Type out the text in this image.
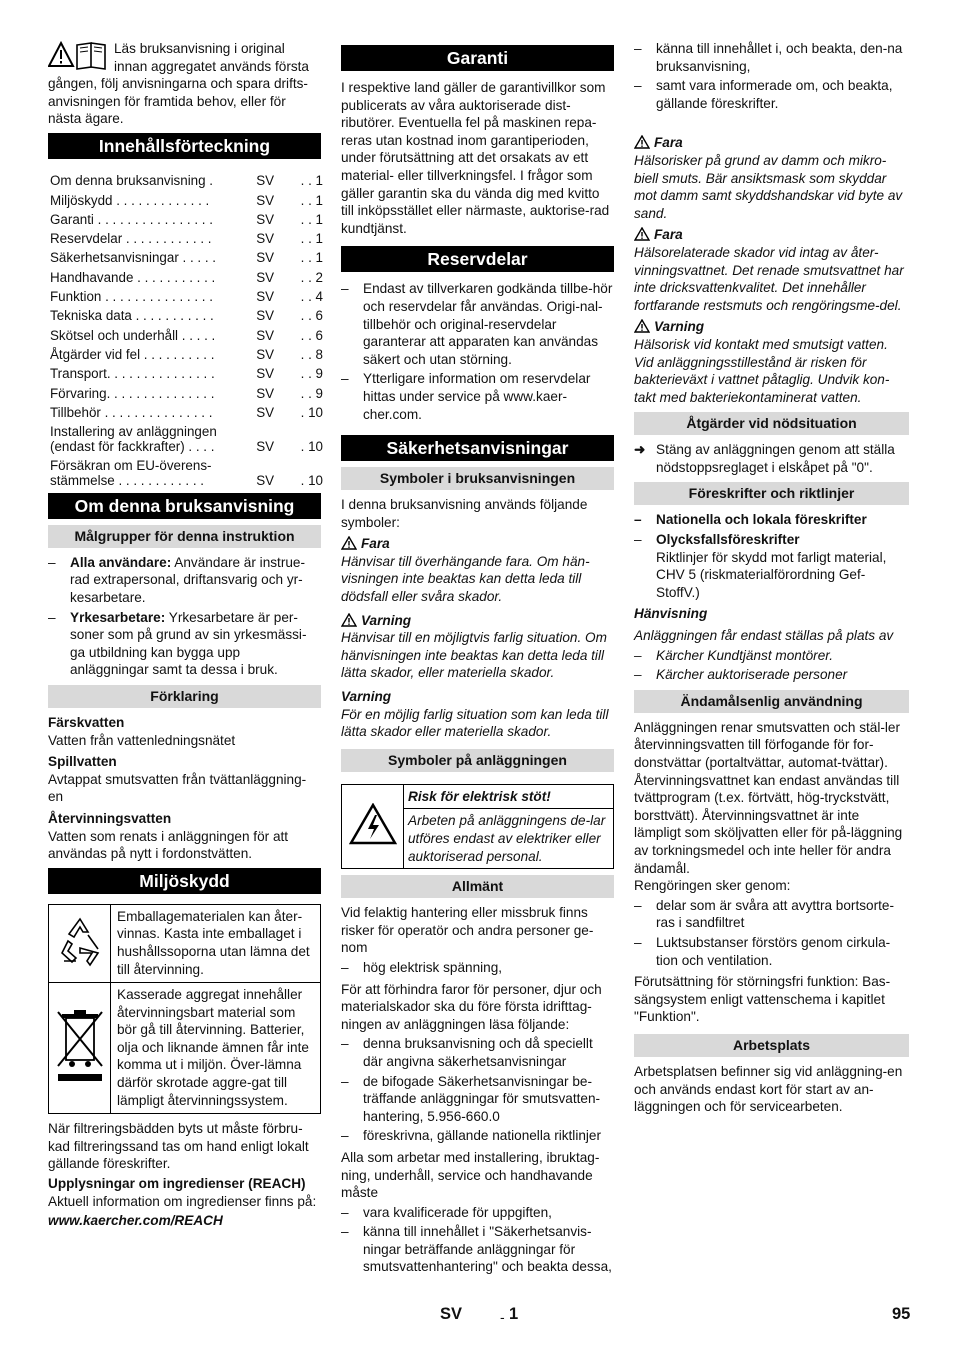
Läs bruksanvisning i original

innan aggregatet används första

gången, följ anvisningarna och spara drifts-anvisningen för framtida behov, eller för nästa ägare.

Innehållsförteckning
Om denna bruksanvisning .	SV	. . 1
Miljöskydd . . . . . . . . . . . . .	SV	. . 1
Garanti . . . . . . . . . . . . . . . .	SV	. . 1
Reservdelar . . . . . . . . . . . .	SV	. . 1
Säkerhetsanvisningar . . . . .	SV	. . 1
Handhavande . . . . . . . . . . .	SV	. . 2
Funktion . . . . . . . . . . . . . . .	SV	. . 4
Tekniska data . . . . . . . . . . .	SV	. . 6
Skötsel och underhåll . . . . .	SV	. . 6
Åtgärder vid fel . . . . . . . . . .	SV	. . 8
Transport. . . . . . . . . . . . . . .	SV	. . 9
Förvaring. . . . . . . . . . . . . . .	SV	. . 9
Tillbehör . . . . . . . . . . . . . . .	SV	. 10
Installering av anläggningen
(endast för fackkrafter) . . . .	SV	. 10
Försäkran om EU-överens-
stämmelse . . . . . . . . . . . .	SV	. 10
Om denna bruksanvisning
Målgrupper för denna instruktion
– Alla användare: Användare är instrue-rad extrapersonal, driftansvarig och yr-kesarbetare.
– Yrkesarbetare: Yrkesarbetare är per-soner som på grund av sin yrkesmässi-ga utbildning kan bygga upp anläggningar samt ta dessa i bruk.
Förklaring

Färskvatten

Vatten från vattenledningsnätet

Spillvatten

Avtappat smutsvatten från tvättanläggning-en

Återvinningsvatten

Vatten som renats i anläggningen för att användas på nytt i fordonstvätten.

Miljöskydd
	Emballagematerialen kan åter-vinnas. Kasta inte emballaget i hushållssoporna utan lämna det till återvinning.
	Kasserade aggregat innehåller återvinningsbart material som bör gå till återvinning. Batterier, olja och liknande ämnen får inte komma ut i miljön. Över-lämna därför skrotade aggre-gat till lämpligt återvinningssystem.

När filtreringsbädden byts ut måste förbru-kad filtreringssand tas om hand enligt lokalt gällande föreskrifter.

Upplysningar om ingredienser (REACH)

Aktuell information om ingredienser finns på:

www.kaercher.com/REACH

Garanti

I respektive land gäller de garantivillkor som publicerats av våra auktoriserade dist-ributörer. Eventuella fel på maskinen repa-reras utan kostnad inom garantiperioden, under förutsättning att det orsakats av ett material- eller tillverkningsfel. I frågor som gäller garantin ska du vända dig med kvitto till inköpsstället eller närmaste, auktorise-rad kundtjänst.

Reservdelar
– Endast av tillverkaren godkända tillbe-hör och reservdelar får användas. Origi-nal-tillbehör och original-reservdelar garanterar att apparaten kan användas säkert och utan störning.
– Ytterligare information om reservdelar hittas under service på www.kaer-cher.com.
Säkerhetsanvisningar
Symboler i bruksanvisningen

I denna bruksanvisning används följande symboler:

Fara

Hänvisar till överhängande fara. Om hän-visningen inte beaktas kan detta leda till dödsfall eller svåra skador.

Varning

Hänvisar till en möjligtvis farlig situation. Om hänvisningen inte beaktas kan detta leda till lätta skador, eller materiella skador.

Varning

För en möjlig farlig situation som kan leda till lätta skador eller materiella skador.

Symboler på anläggningen
	Risk för elektrisk stöt!
Arbeten på anläggningens de-lar utföres endast av elektriker eller auktoriserad personal.
Allmänt

Vid felaktig hantering eller missbruk finns risker för operatör och andra personer ge-nom

– hög elektrisk spänning,

För att förhindra faror för personer, djur och materialskador ska du före första idrifttag-ningen av anläggningen läsa följande:

– denna bruksanvisning och då speciellt där angivna säkerhetsanvisningar
– de bifogade Säkerhetsanvisningar be-träffande anläggningar för smutsvatten-hantering, 5.956-660.0
– föreskrivna, gällande nationella riktlinjer

Alla som arbetar med installering, ibruktag-ning, underhåll, service och handhavande måste

– vara kvalificerade för uppgiften,
– känna till innehållet i "Säkerhetsanvis-ningar beträffande anläggningar för smutsvattenhantering" och beakta dessa,
– känna till innehållet i, och beakta, den-na bruksanvisning,
– samt vara informerade om, och beakta, gällande föreskrifter.

Fara

Hälsorisker på grund av damm och mikro-biell smuts. Bär ansiktsmask som skyddar mot damm samt skyddshandskar vid byte av sand.

Fara

Hälsorelaterade skador vid intag av åter-vinningsvattnet. Det renade smutsvattnet har inte dricksvattenkvalitet. Det innehåller fortfarande restsmuts och rengöringsme-del.

Varning

Hälsorisk vid kontakt med smutsigt vatten. Vid anläggningsstillestånd är risken för bakterieväxt i vattnet påtaglig. Undvik kon-takt med bakteriekontaminerat vatten.

Åtgärder vid nödsituation
➜ Stäng av anläggningen genom att ställa nödstoppsreglaget i elskåpet på "0".
Föreskrifter och riktlinjer
– Nationella och lokala föreskrifter
– Olycksfallsföreskrifter
Riktlinjer för skydd mot farligt material, CHV 5 (riskmaterialförordning Gef-StoffV.)

Hänvisning

Anläggningen får endast ställas på plats av

– Kärcher Kundtjänst montörer.
– Kärcher auktoriserade personer
Ändamålsenlig användning

Anläggningen renar smutsvatten och stäl-ler återvinningsvatten till förfogande för for-donstvättar (portaltvättar, automat-tvättar). Återvinningsvattnet kan endast användas till tvättprogram (t.ex. förtvätt, hög-tryckstvätt, borsttvätt). Återvinningsvattnet är inte lämpligt som sköljvatten eller för på-läggning av torkningsmedel och inte heller för andra ändamål.

Rengöringen sker genom:

– delar som är svåra att avyttra bortsorte-ras i sandfiltret
– Luktsubstanser förstörs genom cirkula-tion och ventilation.

Förutsättning för störningsfri funktion: Bas-sängsystem enligt vattenschema i kapitlet "Funktion".

Arbetsplats

Arbetsplatsen befinner sig vid anläggning-en och används endast kort för start av an-läggningen och för servicearbeten.

SV	- 1	95
